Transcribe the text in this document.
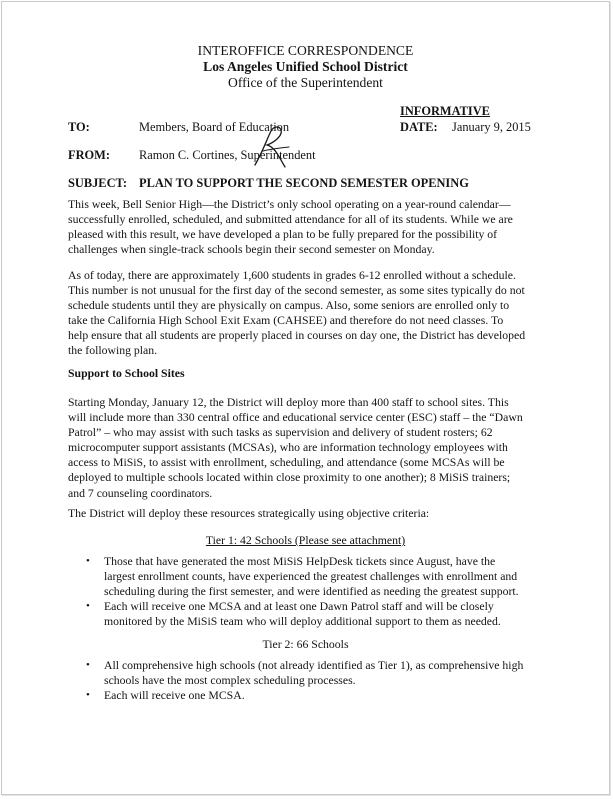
INTEROFFICE CORRESPONDENCE
Los Angeles Unified School District
Office of the Superintendent
INFORMATIVE
TO:	Members, Board of Education	DATE: January 9, 2015
FROM: Ramon C. Cortines, Superintendent
SUBJECT: PLAN TO SUPPORT THE SECOND SEMESTER OPENING

This week, Bell Senior High—the District’s only school operating on a year-round calendar—

successfully enrolled, scheduled, and submitted attendance for all of its students. While we are

pleased with this result, we have developed a plan to be fully prepared for the possibility of

challenges when single-track schools begin their second semester on Monday.

As of today, there are approximately 1,600 students in grades 6-12 enrolled without a schedule.

This number is not unusual for the first day of the second semester, as some sites typically do not

schedule students until they are physically on campus. Also, some seniors are enrolled only to

take the California High School Exit Exam (CAHSEE) and therefore do not need classes. To

help ensure that all students are properly placed in courses on day one, the District has developed

the following plan.

Support to School Sites

Starting Monday, January 12, the District will deploy more than 400 staff to school sites. This

will include more than 330 central office and educational service center (ESC) staff – the “Dawn

Patrol” – who may assist with such tasks as supervision and delivery of student rosters; 62

microcomputer support assistants (MCSAs), who are information technology employees with

access to MiSiS, to assist with enrollment, scheduling, and attendance (some MCSAs will be

deployed to multiple schools located within close proximity to one another); 8 MiSiS trainers;

and 7 counseling coordinators.

The District will deploy these resources strategically using objective criteria:

Tier 1: 42 Schools (Please see attachment)
• Those that have generated the most MiSiS HelpDesk tickets since August, have the
largest enrollment counts, have experienced the greatest challenges with enrollment and
scheduling during the first semester, and were identified as needing the greatest support.
• Each will receive one MCSA and at least one Dawn Patrol staff and will be closely
monitored by the MiSiS team who will deploy additional support to them as needed.
Tier 2: 66 Schools
• All comprehensive high schools (not already identified as Tier 1), as comprehensive high
schools have the most complex scheduling processes.
• Each will receive one MCSA.
